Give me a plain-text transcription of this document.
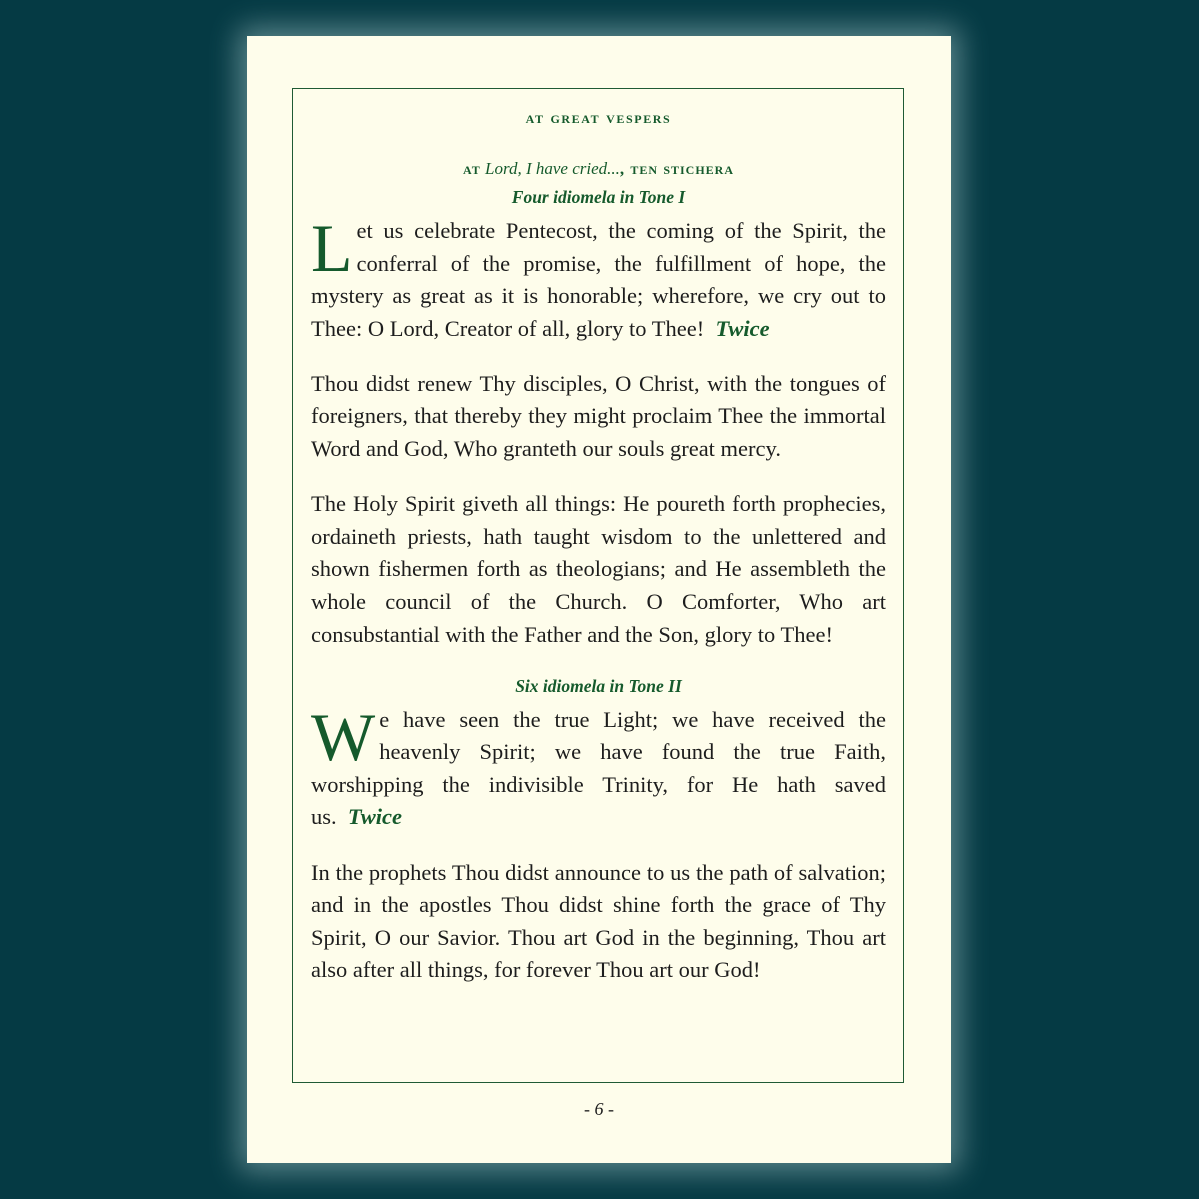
at great vespers
at Lord, I have cried..., ten stichera
Four idiomela in Tone I

Let us celebrate Pentecost, the coming of the Spirit, the conferral of the promise, the fulfillment of hope, the mystery as great as it is honorable; wherefore, we cry out to Thee: O Lord, Creator of all, glory to Thee! Twice

Thou didst renew Thy disciples, O Christ, with the tongues of foreigners, that thereby they might proclaim Thee the immortal Word and God, Who granteth our souls great mercy.

The Holy Spirit giveth all things: He poureth forth prophecies, ordaineth priests, hath taught wisdom to the unlettered and shown fishermen forth as theologians; and He assembleth the whole council of the Church. O Comforter, Who art consubstantial with the Father and the Son, glory to Thee!

Six idiomela in Tone II

We have seen the true Light; we have received the heavenly Spirit; we have found the true Faith, worshipping the indivisible Trinity, for He hath saved us. Twice

In the prophets Thou didst announce to us the path of salvation; and in the apostles Thou didst shine forth the grace of Thy Spirit, O our Savior. Thou art God in the beginning, Thou art also after all things, for forever Thou art our God!

- 6 -
